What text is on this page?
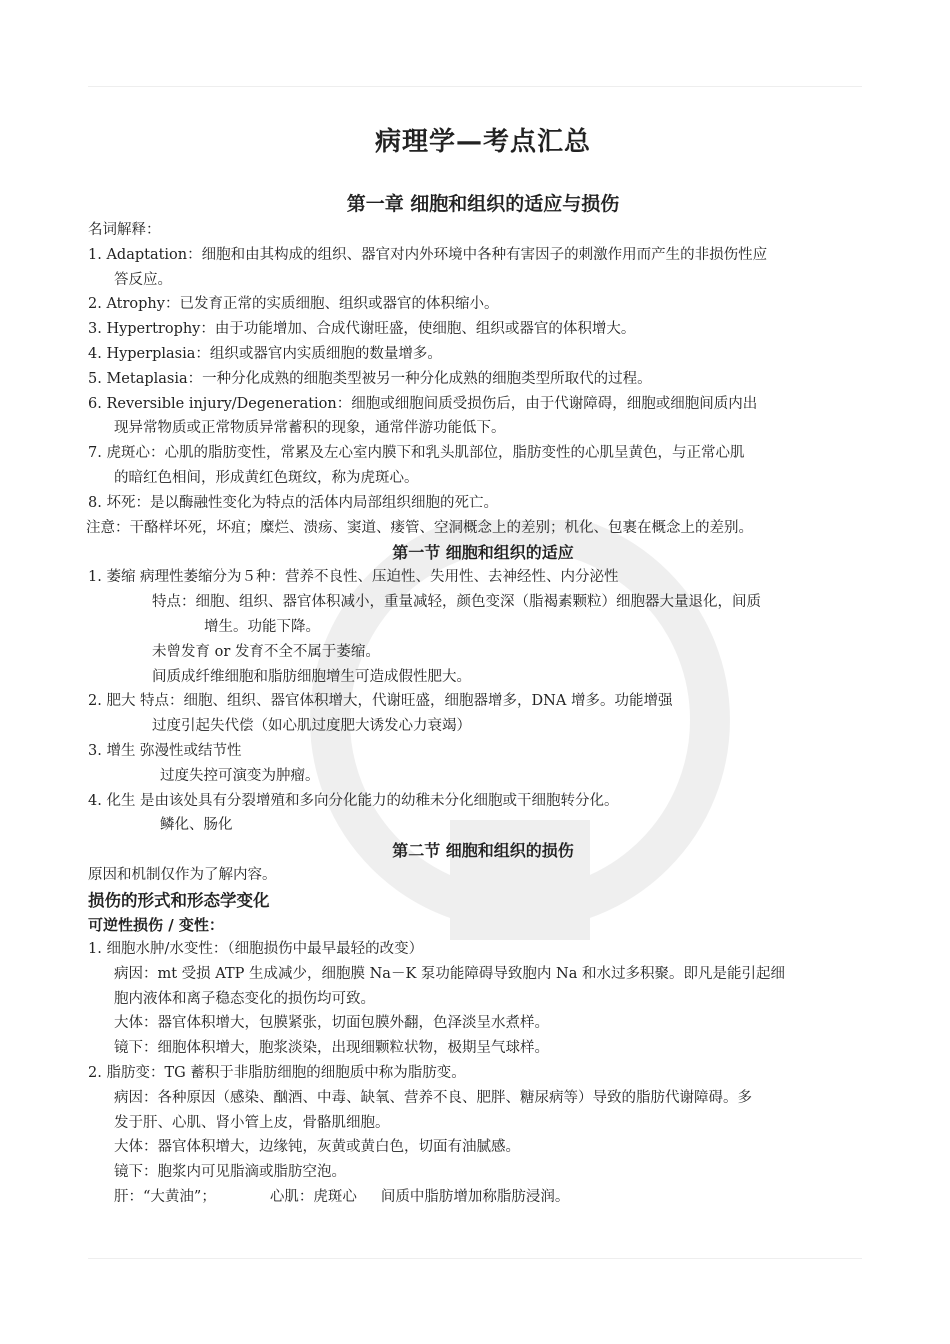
病理学—考点汇总
第一章 细胞和组织的适应与损伤
名词解释：
1. Adaptation：细胞和由其构成的组织、器官对内外环境中各种有害因子的刺激作用而产生的非损伤性应
答反应。
2. Atrophy：已发育正常的实质细胞、组织或器官的体积缩小。
3. Hypertrophy：由于功能增加、合成代谢旺盛，使细胞、组织或器官的体积增大。
4. Hyperplasia：组织或器官内实质细胞的数量增多。
5. Metaplasia：一种分化成熟的细胞类型被另一种分化成熟的细胞类型所取代的过程。
6. Reversible injury/Degeneration：细胞或细胞间质受损伤后，由于代谢障碍，细胞或细胞间质内出
现异常物质或正常物质异常蓄积的现象，通常伴游功能低下。
7. 虎斑心：心肌的脂肪变性，常累及左心室内膜下和乳头肌部位，脂肪变性的心肌呈黄色，与正常心肌
的暗红色相间，形成黄红色斑纹，称为虎斑心。
8. 坏死：是以酶融性变化为特点的活体内局部组织细胞的死亡。
注意：干酪样坏死，坏疽；糜烂、溃疡、窦道、瘘管、空洞概念上的差别；机化、包裹在概念上的差别。
第一节 细胞和组织的适应
1. 萎缩 病理性萎缩分为５种：营养不良性、压迫性、失用性、去神经性、内分泌性
特点：细胞、组织、器官体积减小，重量减轻，颜色变深（脂褐素颗粒）细胞器大量退化，间质
增生。功能下降。
未曾发育 or 发育不全不属于萎缩。
间质成纤维细胞和脂肪细胞增生可造成假性肥大。
2. 肥大 特点：细胞、组织、器官体积增大，代谢旺盛，细胞器增多，DNA 增多。功能增强
过度引起失代偿（如心肌过度肥大诱发心力衰竭）
3. 增生 弥漫性或结节性
过度失控可演变为肿瘤。
4. 化生 是由该处具有分裂增殖和多向分化能力的幼稚未分化细胞或干细胞转分化。
鳞化、肠化
第二节 细胞和组织的损伤
原因和机制仅作为了解内容。
损伤的形式和形态学变化
可逆性损伤 / 变性：
1. 细胞水肿/水变性：（细胞损伤中最早最轻的改变）
病因：mt 受损 ATP 生成减少，细胞膜 Na－K 泵功能障碍导致胞内 Na 和水过多积聚。即凡是能引起细
胞内液体和离子稳态变化的损伤均可致。
大体：器官体积增大，包膜紧张，切面包膜外翻，色泽淡呈水煮样。
镜下：细胞体积增大，胞浆淡染，出现细颗粒状物，极期呈气球样。
2. 脂肪变：TG 蓄积于非脂肪细胞的细胞质中称为脂肪变。
病因：各种原因（感染、酗酒、中毒、缺氧、营养不良、肥胖、糖尿病等）导致的脂肪代谢障碍。多
发于肝、心肌、肾小管上皮，骨骼肌细胞。
大体：器官体积增大，边缘钝，灰黄或黄白色，切面有油腻感。
镜下：胞浆内可见脂滴或脂肪空泡。
肝：“大黄油”；	心肌：虎斑心 间质中脂肪增加称脂肪浸润。
